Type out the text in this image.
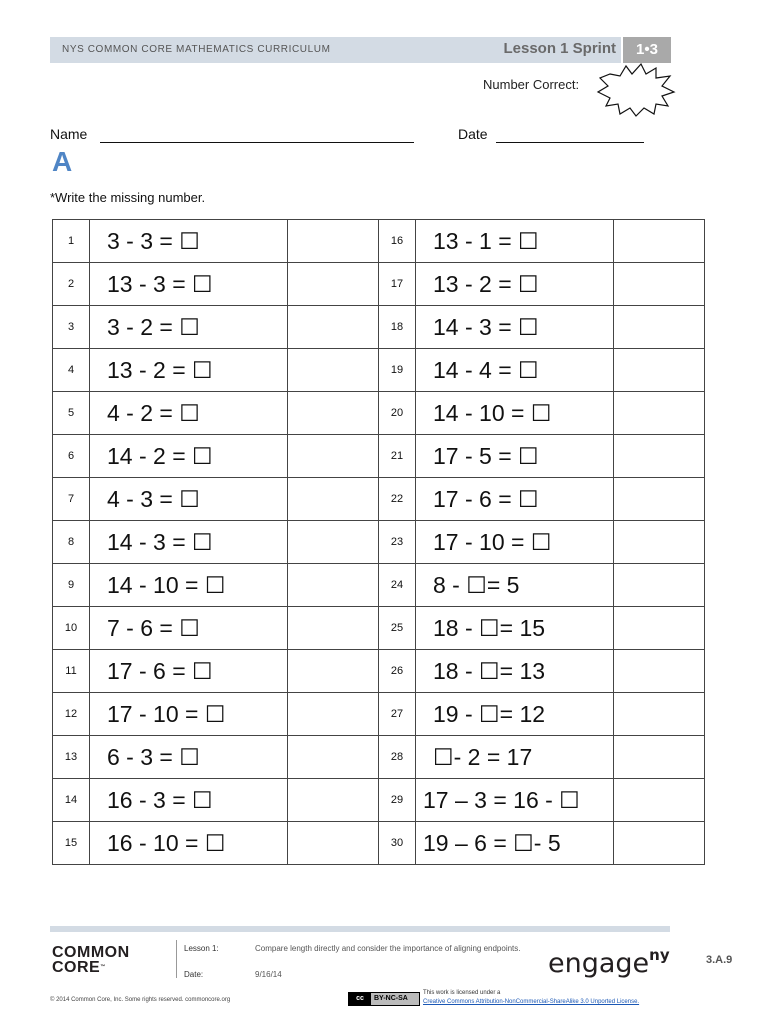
NYS COMMON CORE MATHEMATICS CURRICULUM	Lesson 1 Sprint	1•3
Number Correct:
Name	Date
A
*Write the missing number.
1	3 - 3 = ☐		16	13 - 1 = ☐	
2	13 - 3 = ☐		17	13 - 2 = ☐	
3	3 - 2 = ☐		18	14 - 3 = ☐	
4	13 - 2 = ☐		19	14 - 4 = ☐	
5	4 - 2 = ☐		20	14 - 10 = ☐	
6	14 - 2 = ☐		21	17 - 5 = ☐	
7	4 - 3 = ☐		22	17 - 6 = ☐	
8	14 - 3 = ☐		23	17 - 10 = ☐	
9	14 - 10 = ☐		24	8 - ☐= 5	
10	7 - 6 = ☐		25	18 - ☐= 15	
11	17 - 6 = ☐		26	18 - ☐= 13	
12	17 - 10 = ☐		27	19 - ☐= 12	
13	6 - 3 = ☐		28	☐- 2 = 17	
14	16 - 3 = ☐		29	17 – 3 = 16 - ☐	
15	16 - 10 = ☐		30	19 – 6 = ☐- 5	
COMMON
CORE™
Lesson 1:	Compare length directly and consider the importance of aligning endpoints.
Date:	9/16/14	engage$^{ny}$	3.A.9
© 2014 Common Core, Inc. Some rights reserved. commoncore.org	cc BY-NC-SA
This work is licensed under a
Creative Commons Attribution-NonCommercial-ShareAlike 3.0 Unported License.
